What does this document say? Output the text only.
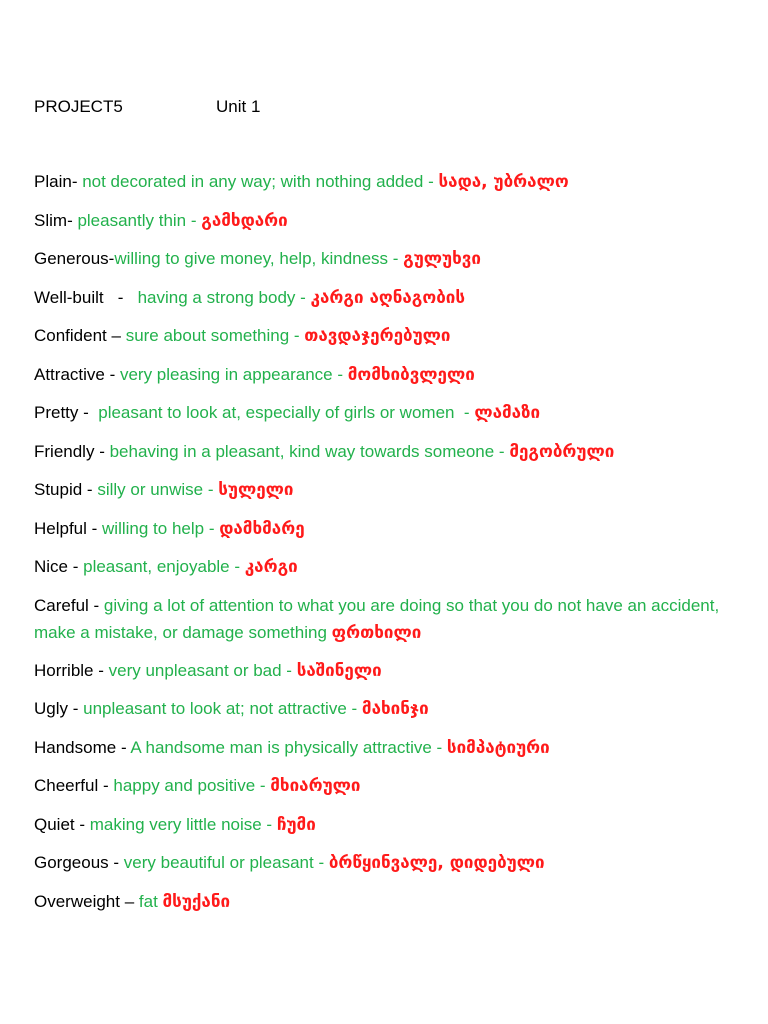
PROJECT5	Unit 1
Plain- not decorated in any way; with nothing added - სადა, უბრალო
Slim- pleasantly thin - გამხდარი
Generous-willing to give money, help, kindness - გულუხვი
Well-built   -   having a strong body - კარგი აღნაგობის
Confident – sure about something - თავდაჯერებული
Attractive - very pleasing in appearance - მომხიბვლელი
Pretty -  pleasant to look at, especially of girls or women  - ლამაზი
Friendly - behaving in a pleasant, kind way towards someone - მეგობრული
Stupid - silly or unwise - სულელი
Helpful - willing to help - დამხმარე
Nice - pleasant, enjoyable - კარგი
Careful - giving a lot of attention to what you are doing so that you do not have an accident, make a mistake, or damage something ფრთხილი
Horrible - very unpleasant or bad - საშინელი
Ugly - unpleasant to look at; not attractive - მახინჯი
Handsome - A handsome man is physically attractive - სიმპატიური
Cheerful - happy and positive - მხიარული
Quiet - making very little noise - ჩუმი
Gorgeous - very beautiful or pleasant - ბრწყინვალე, დიდებული
Overweight – fat მსუქანი
